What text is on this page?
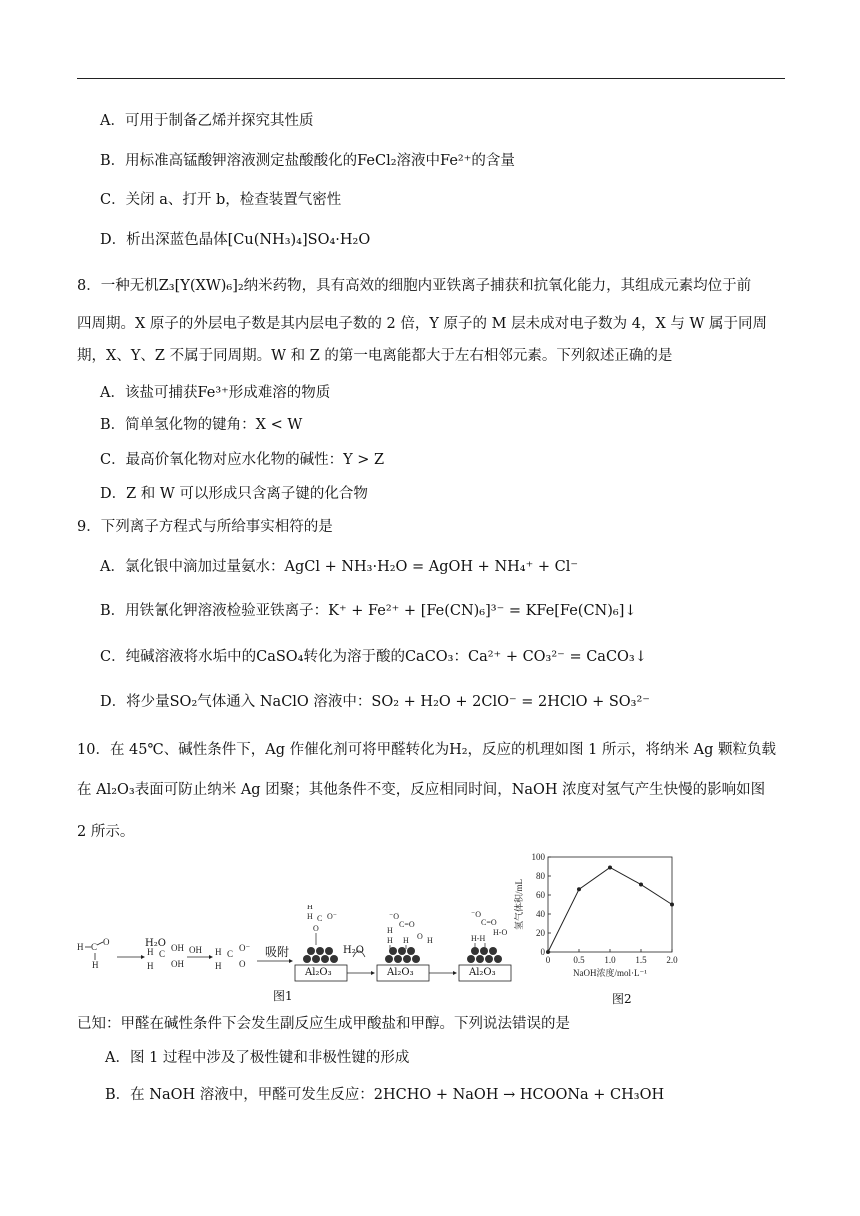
A．可用于制备乙烯并探究其性质
B．用标准高锰酸钾溶液测定盐酸酸化的FeCl₂溶液中Fe²⁺的含量
C．关闭 a、打开 b，检查装置气密性
D．析出深蓝色晶体[Cu(NH₃)₄]SO₄·H₂O
8．一种无机Z₃[Y(XW)₆]₂纳米药物，具有高效的细胞内亚铁离子捕获和抗氧化能力，其组成元素均位于前
四周期。X 原子的外层电子数是其内层电子数的 2 倍，Y 原子的 M 层未成对电子数为 4，X 与 W 属于同周
期，X、Y、Z 不属于同周期。W 和 Z 的第一电离能都大于左右相邻元素。下列叙述正确的是
A．该盐可捕获Fe³⁺形成难溶的物质
B．简单氢化物的键角：X < W
C．最高价氧化物对应水化物的碱性：Y > Z
D．Z 和 W 可以形成只含离子键的化合物
9．下列离子方程式与所给事实相符的是
A．氯化银中滴加过量氨水：AgCl + NH₃·H₂O = AgOH + NH₄⁺ + Cl⁻
B．用铁氰化钾溶液检验亚铁离子：K⁺ + Fe²⁺ + [Fe(CN)₆]³⁻ = KFe[Fe(CN)₆]↓
C．纯碱溶液将水垢中的CaSO₄转化为溶于酸的CaCO₃：Ca²⁺ + CO₃²⁻ = CaCO₃↓
D．将少量SO₂气体通入 NaClO 溶液中：SO₂ + H₂O + 2ClO⁻ = 2HClO + SO₃²⁻
10．在 45℃、碱性条件下，Ag 作催化剂可将甲醛转化为H₂，反应的机理如图 1 所示，将纳米 Ag 颗粒负载
在 Al₂O₃表面可防止纳米 Ag 团聚；其他条件不变，反应相同时间，NaOH 浓度对氢气产生快慢的影响如图
2 所示。
H C O
H
H C
OH
OH
H
OH H C
O⁻
O
H
H C O⁻
O
H
⁻O
C=O
H
H H O H
⁻O
C=O
H-H
H-O
H₂O
吸附	H₂O
Al₂O₃	Al₂O₃	Al₂O₃
图1
0
20
40
60
80
100
0	0.5 1.0 1.5 2.0
NaOH浓度/mol·L⁻¹
氢气体积/mL
图2
已知：甲醛在碱性条件下会发生副反应生成甲酸盐和甲醇。下列说法错误的是
A．图 1 过程中涉及了极性键和非极性键的形成
B．在 NaOH 溶液中，甲醛可发生反应：2HCHO + NaOH → HCOONa + CH₃OH
